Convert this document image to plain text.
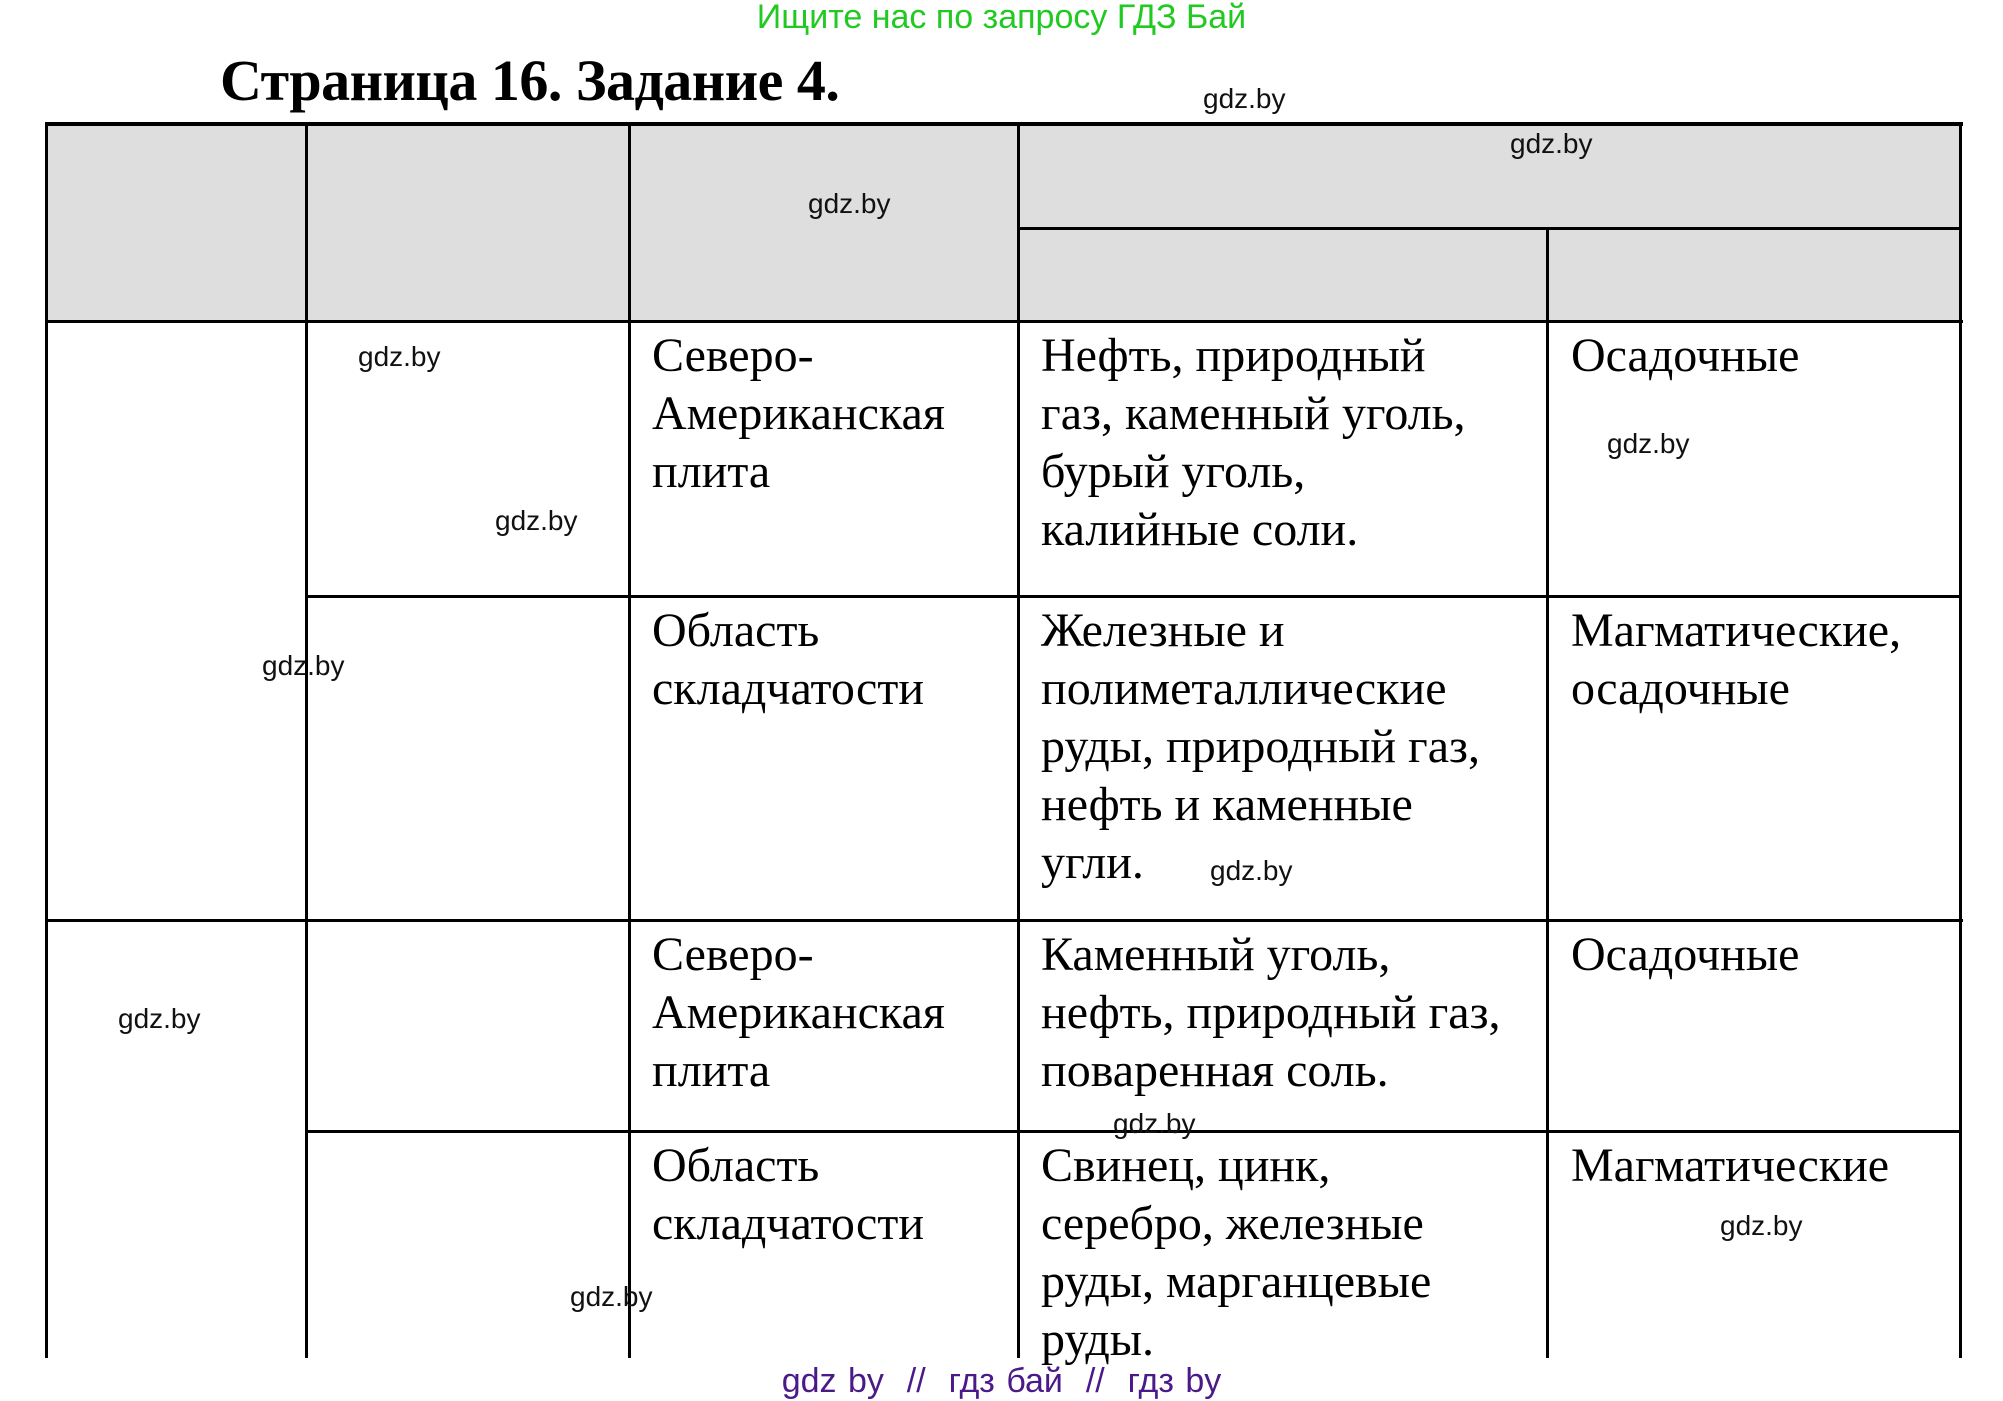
Ищите нас по запросу ГДЗ Бай
Страница 16. Задание 4.
Северо-
Американская
плита
Нефть, природный
газ, каменный уголь,
бурый уголь,
калийные соли.
Осадочные
Область
складчатости
Железные и
полиметаллические
руды, природный газ,
нефть и каменные
угли.
Магматические,
осадочные
Северо-
Американская
плита
Каменный уголь,
нефть, природный газ,
поваренная соль.
Осадочные
Область
складчатости
Свинец, цинк,
серебро, железные
руды, марганцевые
руды.
Магматические
gdz.by
gdz.by
gdz.by
gdz.by
gdz.by
gdz.by
gdz.by
gdz.by
gdz.by
gdz.by
gdz.by
gdz.by
gdz by  //  гдз бай  //  гдз by
